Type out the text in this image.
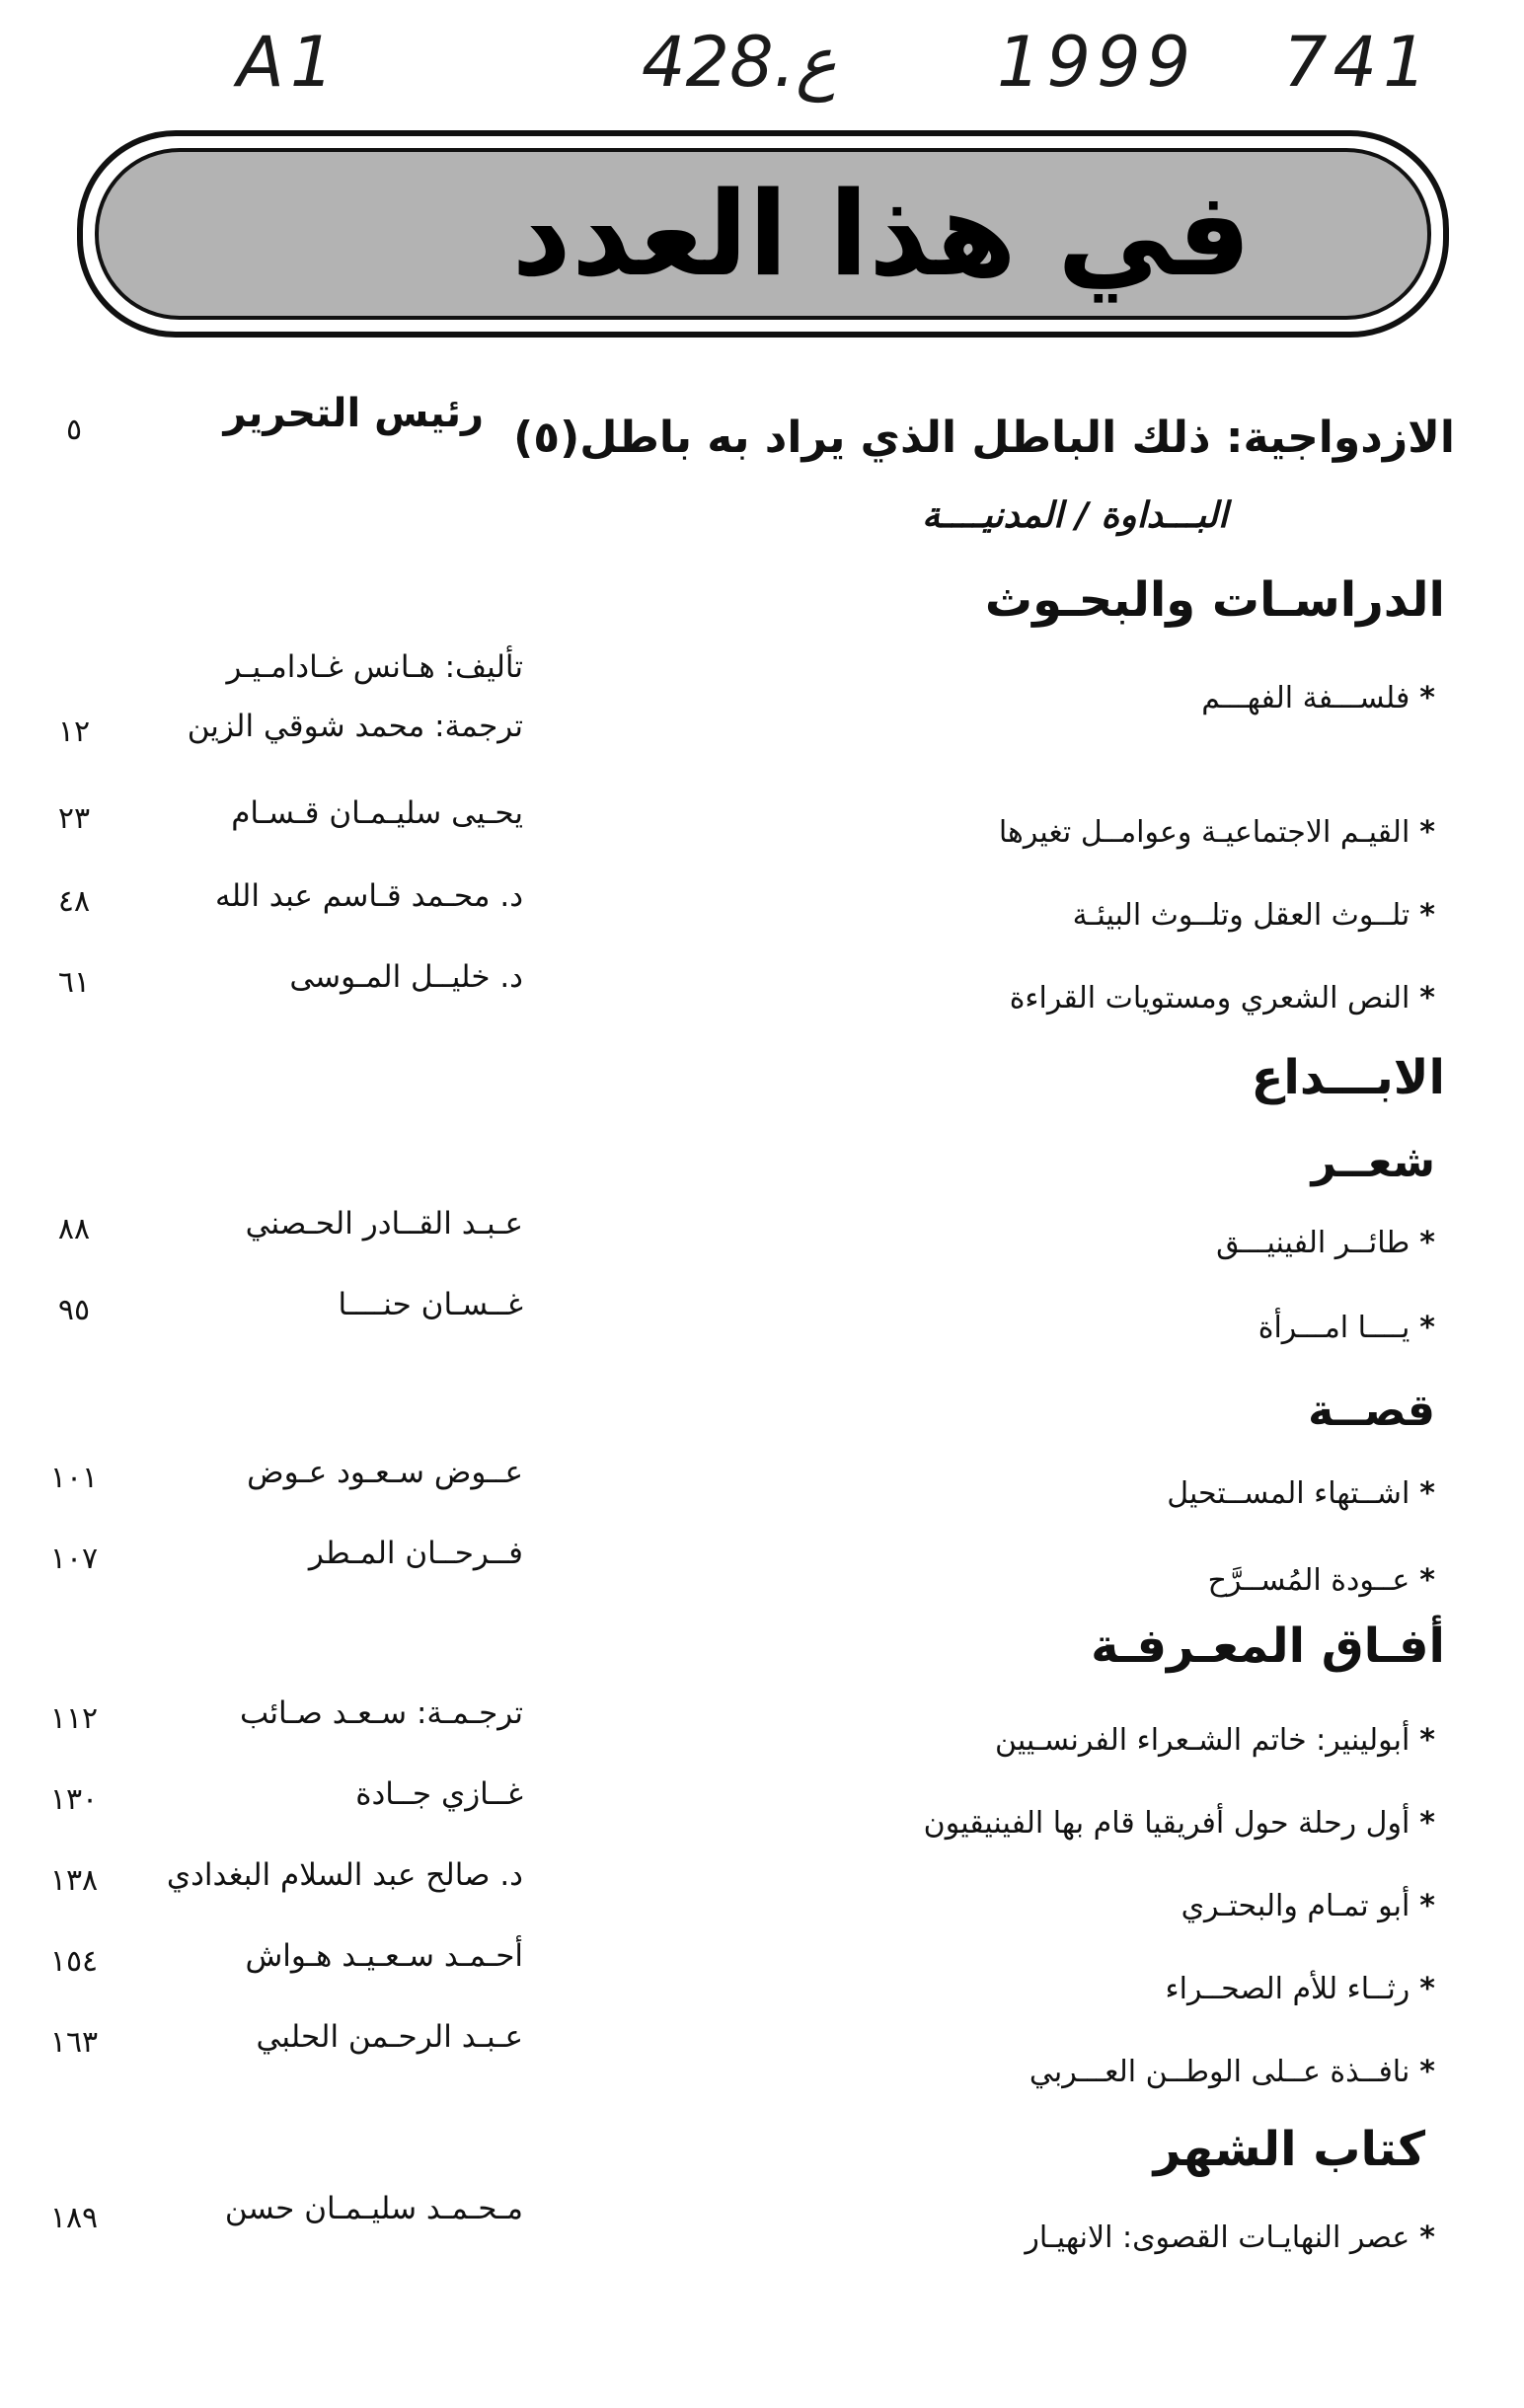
A1	428.ع 1999 741
في هذا العدد
الازدواجية: ذلك الباطل الذي يراد به باطل(٥)
البـــداوة / المدنيــــة
رئيس التحرير
٥
الدراسـات والبحـوث
*فلســـفة الفهـــم
تأليف: هـانس غـادامـيـر
ترجمة: محمد شوقي الزين
١٢
*القيـم الاجتماعيـة وعوامــل تغيرها
يحـيى سليـمـان قـسـام
٢٣
*تلــوث العقل وتلــوث البيئـة
د. محـمد قـاسم عبد الله
٤٨
*النص الشعري ومستويات القراءة
د. خليــل المـوسى
٦١
الابـــداع
شعــر
*طائــر الفينيـــق
عـبـد القــادر الحـصني
٨٨
*يــــا امـــرأة
غــسـان حنــــا
٩٥
قصــة
*اشــتهاء المســتحيل
عــوض سـعـود عـوض
١٠١
*عــودة المُســرَّح
فــرحــان المـطر
١٠٧
أفـاق المعـرفـة
*أبولينير: خاتم الشـعراء الفرنسـيين
ترجـمـة: سـعـد صـائب
١١٢
*أول رحلة حول أفريقيا قام بها الفينيقيون
غــازي جــادة
١٣٠
*أبو تمـام والبحتـري
د. صالح عبد السلام البغدادي
١٣٨
*رثــاء للأم الصحــراء
أحـمـد سـعـيـد هـواش
١٥٤
*نافــذة عــلى الوطــن العـــربي
عـبـد الرحـمن الحلبي
١٦٣
كتاب الشهر
*عصر النهايـات القصوى: الانهيـار
مـحـمـد سليـمـان حسن
١٨٩
